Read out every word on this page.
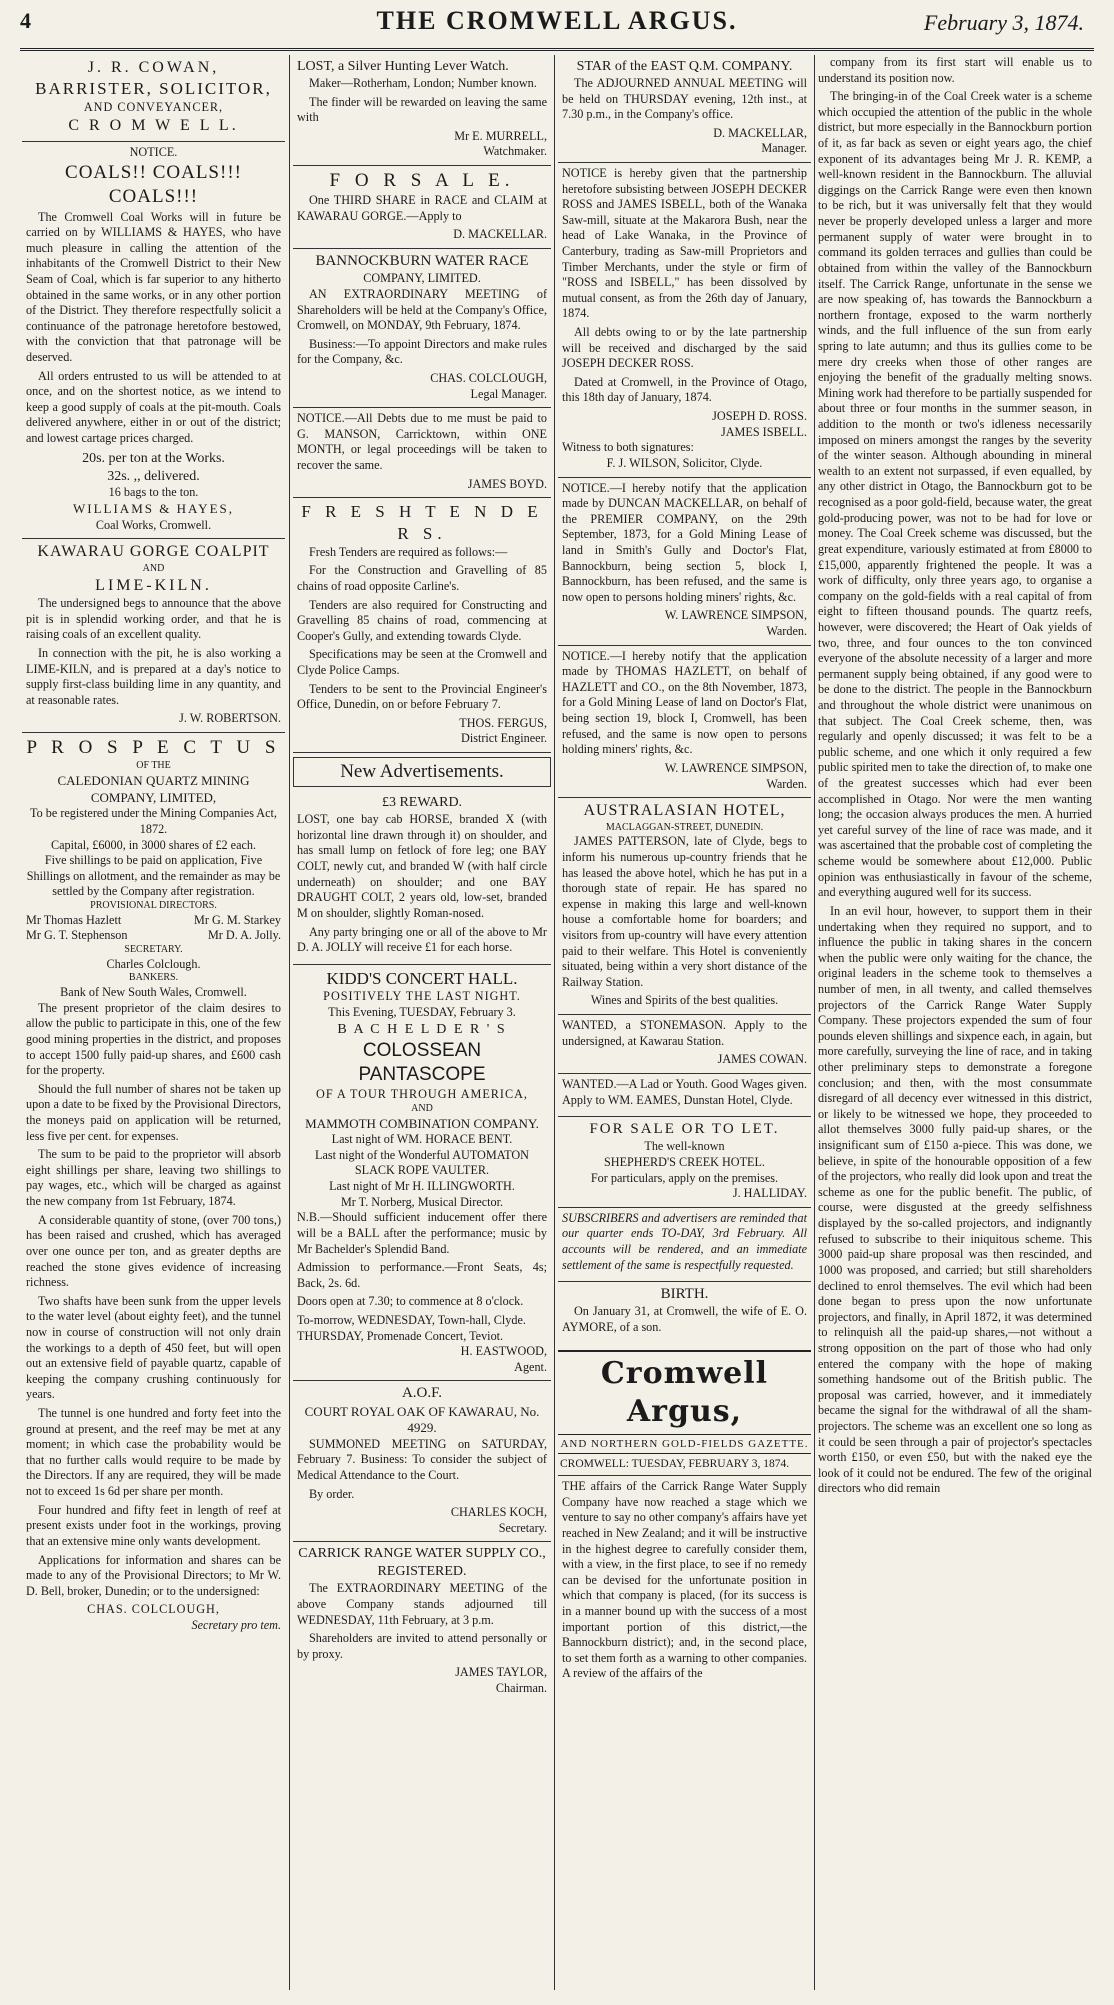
4	THE CROMWELL ARGUS.	February 3, 1874.
J. R. COWAN,
BARRISTER, SOLICITOR,
AND CONVEYANCER,
C R O M W E L L.
NOTICE.
COALS!! COALS!!! COALS!!!

The Cromwell Coal Works will in future be carried on by WILLIAMS & HAYES, who have much pleasure in calling the attention of the inhabitants of the Cromwell District to their New Seam of Coal, which is far superior to any hitherto obtained in the same works, or in any other portion of the District. They therefore respectfully solicit a continuance of the patronage heretofore bestowed, with the conviction that that patronage will be deserved.

All orders entrusted to us will be attended to at once, and on the shortest notice, as we intend to keep a good supply of coals at the pit-mouth. Coals delivered anywhere, either in or out of the district; and lowest cartage prices charged.

20s. per ton at the Works.
32s. ,, delivered.
16 bags to the ton.
WILLIAMS & HAYES,
Coal Works, Cromwell.
KAWARAU GORGE COALPIT
AND
LIME-KILN.

The undersigned begs to announce that the above pit is in splendid working order, and that he is raising coals of an excellent quality.

In connection with the pit, he is also working a LIME-KILN, and is prepared at a day's notice to supply first-class building lime in any quantity, and at reasonable rates.

J. W. ROBERTSON.
P R O S P E C T U S
OF THE
CALEDONIAN QUARTZ MINING COMPANY, LIMITED,
To be registered under the Mining Companies Act, 1872.
Capital, £6000, in 3000 shares of £2 each.
Five shillings to be paid on application, Five Shillings on allotment, and the remainder as may be settled by the Company after registration.
PROVISIONAL DIRECTORS.
Mr Thomas Hazlett	Mr G. M. Starkey
Mr G. T. Stephenson	Mr D. A. Jolly.
SECRETARY.
Charles Colclough.
BANKERS.
Bank of New South Wales, Cromwell.

The present proprietor of the claim desires to allow the public to participate in this, one of the few good mining properties in the district, and proposes to accept 1500 fully paid-up shares, and £600 cash for the property.

Should the full number of shares not be taken up upon a date to be fixed by the Provisional Directors, the moneys paid on application will be returned, less five per cent. for expenses.

The sum to be paid to the proprietor will absorb eight shillings per share, leaving two shillings to pay wages, etc., which will be charged as against the new company from 1st February, 1874.

A considerable quantity of stone, (over 700 tons,) has been raised and crushed, which has averaged over one ounce per ton, and as greater depths are reached the stone gives evidence of increasing richness.

Two shafts have been sunk from the upper levels to the water level (about eighty feet), and the tunnel now in course of construction will not only drain the workings to a depth of 450 feet, but will open out an extensive field of payable quartz, capable of keeping the company crushing continuously for years.

The tunnel is one hundred and forty feet into the ground at present, and the reef may be met at any moment; in which case the probability would be that no further calls would require to be made by the Directors. If any are required, they will be made not to exceed 1s 6d per share per month.

Four hundred and fifty feet in length of reef at present exists under foot in the workings, proving that an extensive mine only wants development.

Applications for information and shares can be made to any of the Provisional Directors; to Mr W. D. Bell, broker, Dunedin; or to the undersigned:

CHAS. COLCLOUGH,
Secretary pro tem.
LOST, a Silver Hunting Lever Watch.

Maker—Rotherham, London; Number known.

The finder will be rewarded on leaving the same with

Mr E. MURRELL,
Watchmaker.
F O R S A L E.

One THIRD SHARE in RACE and CLAIM at KAWARAU GORGE.—Apply to

D. MACKELLAR.
BANNOCKBURN WATER RACE
COMPANY, LIMITED.

AN EXTRAORDINARY MEETING of Shareholders will be held at the Company's Office, Cromwell, on MONDAY, 9th February, 1874.

Business:—To appoint Directors and make rules for the Company, &c.

CHAS. COLCLOUGH,
Legal Manager.

NOTICE.—All Debts due to me must be paid to G. MANSON, Carricktown, within ONE MONTH, or legal proceedings will be taken to recover the same.

JAMES BOYD.
F R E S H T E N D E R S.

Fresh Tenders are required as follows:—

For the Construction and Gravelling of 85 chains of road opposite Carline's.

Tenders are also required for Constructing and Gravelling 85 chains of road, commencing at Cooper's Gully, and extending towards Clyde.

Specifications may be seen at the Cromwell and Clyde Police Camps.

Tenders to be sent to the Provincial Engineer's Office, Dunedin, on or before February 7.

THOS. FERGUS,
District Engineer.
New Advertisements.
£3 REWARD.

LOST, one bay cab HORSE, branded X (with horizontal line drawn through it) on shoulder, and has small lump on fetlock of fore leg; one BAY COLT, newly cut, and branded W (with half circle underneath) on shoulder; and one BAY DRAUGHT COLT, 2 years old, low-set, branded M on shoulder, slightly Roman-nosed.

Any party bringing one or all of the above to Mr D. A. JOLLY will receive £1 for each horse.

KIDD'S CONCERT HALL.
POSITIVELY THE LAST NIGHT.
This Evening, TUESDAY, February 3.
B A C H E L D E R ' S
COLOSSEAN PANTASCOPE
OF A TOUR THROUGH AMERICA,
AND
MAMMOTH COMBINATION COMPANY.
Last night of WM. HORACE BENT.
Last night of the Wonderful AUTOMATON SLACK ROPE VAULTER.
Last night of Mr H. ILLINGWORTH.
Mr T. Norberg, Musical Director.

N.B.—Should sufficient inducement offer there will be a BALL after the performance; music by Mr Bachelder's Splendid Band.

Admission to performance.—Front Seats, 4s; Back, 2s. 6d.

Doors open at 7.30; to commence at 8 o'clock.

To-morrow, WEDNESDAY, Town-hall, Clyde.
THURSDAY, Promenade Concert, Teviot.
H. EASTWOOD,
Agent.
A.O.F.
COURT ROYAL OAK OF KAWARAU, No. 4929.

SUMMONED MEETING on SATURDAY, February 7. Business: To consider the subject of Medical Attendance to the Court.

By order.

CHARLES KOCH,
Secretary.
CARRICK RANGE WATER SUPPLY CO., REGISTERED.

The EXTRAORDINARY MEETING of the above Company stands adjourned till WEDNESDAY, 11th February, at 3 p.m.

Shareholders are invited to attend personally or by proxy.

JAMES TAYLOR,
Chairman.
STAR of the EAST Q.M. COMPANY.

The ADJOURNED ANNUAL MEETING will be held on THURSDAY evening, 12th inst., at 7.30 p.m., in the Company's office.

D. MACKELLAR,
Manager.

NOTICE is hereby given that the partnership heretofore subsisting between JOSEPH DECKER ROSS and JAMES ISBELL, both of the Wanaka Saw-mill, situate at the Makarora Bush, near the head of Lake Wanaka, in the Province of Canterbury, trading as Saw-mill Proprietors and Timber Merchants, under the style or firm of "ROSS and ISBELL," has been dissolved by mutual consent, as from the 26th day of January, 1874.

All debts owing to or by the late partnership will be received and discharged by the said JOSEPH DECKER ROSS.

Dated at Cromwell, in the Province of Otago, this 18th day of January, 1874.

JOSEPH D. ROSS.
JAMES ISBELL.
Witness to both signatures:
F. J. WILSON, Solicitor, Clyde.

NOTICE.—I hereby notify that the application made by DUNCAN MACKELLAR, on behalf of the PREMIER COMPANY, on the 29th September, 1873, for a Gold Mining Lease of land in Smith's Gully and Doctor's Flat, Bannockburn, being section 5, block I, Bannockburn, has been refused, and the same is now open to persons holding miners' rights, &c.

W. LAWRENCE SIMPSON,
Warden.

NOTICE.—I hereby notify that the application made by THOMAS HAZLETT, on behalf of HAZLETT and CO., on the 8th November, 1873, for a Gold Mining Lease of land on Doctor's Flat, being section 19, block I, Cromwell, has been refused, and the same is now open to persons holding miners' rights, &c.

W. LAWRENCE SIMPSON,
Warden.
AUSTRALASIAN HOTEL,
MACLAGGAN-STREET, DUNEDIN.

JAMES PATTERSON, late of Clyde, begs to inform his numerous up-country friends that he has leased the above hotel, which he has put in a thorough state of repair. He has spared no expense in making this large and well-known house a comfortable home for boarders; and visitors from up-country will have every attention paid to their welfare. This Hotel is conveniently situated, being within a very short distance of the Railway Station.

Wines and Spirits of the best qualities.

WANTED, a STONEMASON. Apply to the undersigned, at Kawarau Station.

JAMES COWAN.

WANTED.—A Lad or Youth. Good Wages given. Apply to WM. EAMES, Dunstan Hotel, Clyde.

FOR SALE OR TO LET.
The well-known
SHEPHERD'S CREEK HOTEL.
For particulars, apply on the premises.
J. HALLIDAY.

SUBSCRIBERS and advertisers are reminded that our quarter ends TO-DAY, 3rd February. All accounts will be rendered, and an immediate settlement of the same is respectfully requested.

BIRTH.

On January 31, at Cromwell, the wife of E. O. AYMORE, of a son.

Cromwell Argus,
AND NORTHERN GOLD-FIELDS GAZETTE.
CROMWELL: TUESDAY, FEBRUARY 3, 1874.

THE affairs of the Carrick Range Water Supply Company have now reached a stage which we venture to say no other company's affairs have yet reached in New Zealand; and it will be instructive in the highest degree to carefully consider them, with a view, in the first place, to see if no remedy can be devised for the unfortunate position in which that company is placed, (for its success is in a manner bound up with the success of a most important portion of this district,—the Bannockburn district); and, in the second place, to set them forth as a warning to other companies. A review of the affairs of the

company from its first start will enable us to understand its position now.

The bringing-in of the Coal Creek water is a scheme which occupied the attention of the public in the whole district, but more especially in the Bannockburn portion of it, as far back as seven or eight years ago, the chief exponent of its advantages being Mr J. R. KEMP, a well-known resident in the Bannockburn. The alluvial diggings on the Carrick Range were even then known to be rich, but it was universally felt that they would never be properly developed unless a larger and more permanent supply of water were brought in to command its golden terraces and gullies than could be obtained from within the valley of the Bannockburn itself. The Carrick Range, unfortunate in the sense we are now speaking of, has towards the Bannockburn a northern frontage, exposed to the warm northerly winds, and the full influence of the sun from early spring to late autumn; and thus its gullies come to be mere dry creeks when those of other ranges are enjoying the benefit of the gradually melting snows. Mining work had therefore to be partially suspended for about three or four months in the summer season, in addition to the month or two's idleness necessarily imposed on miners amongst the ranges by the severity of the winter season. Although abounding in mineral wealth to an extent not surpassed, if even equalled, by any other district in Otago, the Bannockburn got to be recognised as a poor gold-field, because water, the great gold-producing power, was not to be had for love or money. The Coal Creek scheme was discussed, but the great expenditure, variously estimated at from £8000 to £15,000, apparently frightened the people. It was a work of difficulty, only three years ago, to organise a company on the gold-fields with a real capital of from eight to fifteen thousand pounds. The quartz reefs, however, were discovered; the Heart of Oak yields of two, three, and four ounces to the ton convinced everyone of the absolute necessity of a larger and more permanent supply being obtained, if any good were to be done to the district. The people in the Bannockburn and throughout the whole district were unanimous on that subject. The Coal Creek scheme, then, was regularly and openly discussed; it was felt to be a public scheme, and one which it only required a few public spirited men to take the direction of, to make one of the greatest successes which had ever been accomplished in Otago. Nor were the men wanting long; the occasion always produces the men. A hurried yet careful survey of the line of race was made, and it was ascertained that the probable cost of completing the scheme would be somewhere about £12,000. Public opinion was enthusiastically in favour of the scheme, and everything augured well for its success.

In an evil hour, however, to support them in their undertaking when they required no support, and to influence the public in taking shares in the concern when the public were only waiting for the chance, the original leaders in the scheme took to themselves a number of men, in all twenty, and called themselves projectors of the Carrick Range Water Supply Company. These projectors expended the sum of four pounds eleven shillings and sixpence each, in again, but more carefully, surveying the line of race, and in taking other preliminary steps to demonstrate a foregone conclusion; and then, with the most consummate disregard of all decency ever witnessed in this district, or likely to be witnessed we hope, they proceeded to allot themselves 3000 fully paid-up shares, or the insignificant sum of £150 a-piece. This was done, we believe, in spite of the honourable opposition of a few of the projectors, who really did look upon and treat the scheme as one for the public benefit. The public, of course, were disgusted at the greedy selfishness displayed by the so-called projectors, and indignantly refused to subscribe to their iniquitous scheme. This 3000 paid-up share proposal was then rescinded, and 1000 was proposed, and carried; but still shareholders declined to enrol themselves. The evil which had been done began to press upon the now unfortunate projectors, and finally, in April 1872, it was determined to relinquish all the paid-up shares,—not without a strong opposition on the part of those who had only entered the company with the hope of making something handsome out of the British public. The proposal was carried, however, and it immediately became the signal for the withdrawal of all the sham-projectors. The scheme was an excellent one so long as it could be seen through a pair of projector's spectacles worth £150, or even £50, but with the naked eye the look of it could not be endured. The few of the original directors who did remain
